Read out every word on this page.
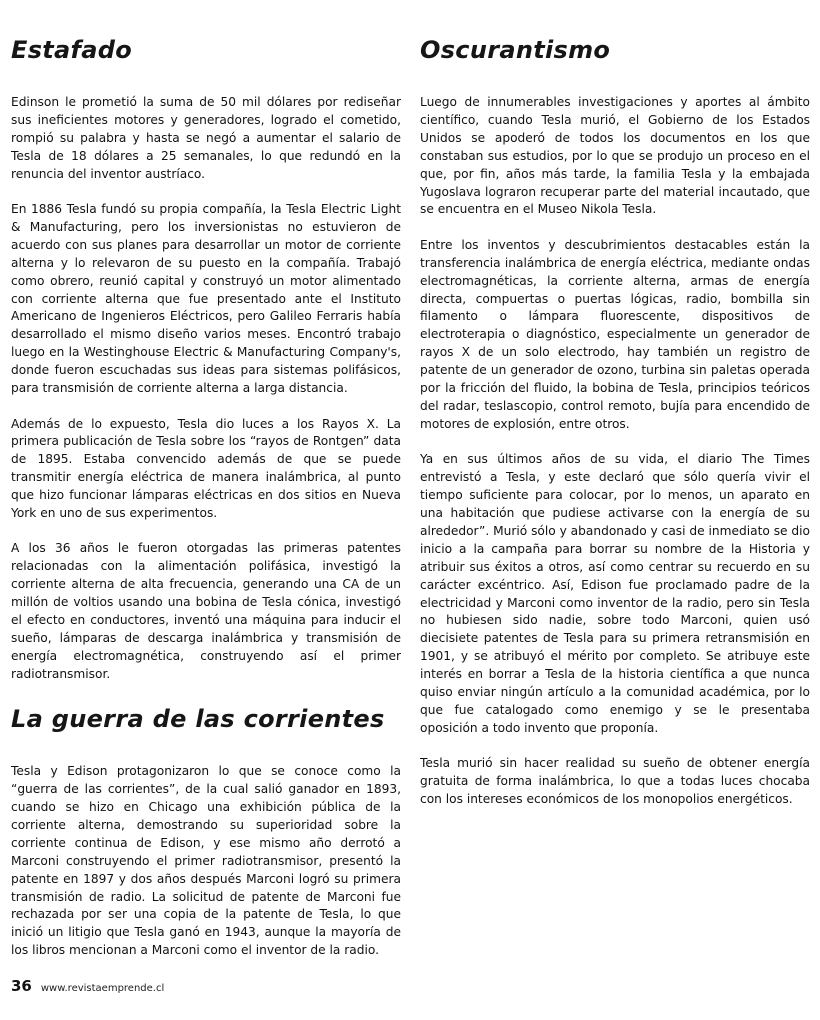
Estafado

Edinson le prometió la suma de 50 mil dólares por rediseñar sus ineficientes motores y generadores, logrado el cometido, rompió su palabra y hasta se negó a aumentar el salario de Tesla de 18 dólares a 25 semanales, lo que redundó en la renuncia del inventor austríaco.

En 1886 Tesla fundó su propia compañía, la Tesla Electric Light & Manufacturing, pero los inversionistas no estuvieron de acuerdo con sus planes para desarrollar un motor de corriente alterna y lo relevaron de su puesto en la compañía. Trabajó como obrero, reunió capital y construyó un motor alimentado con corriente alterna que fue presentado ante el Instituto Americano de Ingenieros Eléctricos, pero Galileo Ferraris había desarrollado el mismo diseño varios meses. Encontró trabajo luego en la Westinghouse Electric & Manufacturing Company's, donde fueron escuchadas sus ideas para sistemas polifásicos, para transmisión de corriente alterna a larga distancia.

Además de lo expuesto, Tesla dio luces a los Rayos X. La primera publicación de Tesla sobre los “rayos de Rontgen” data de 1895. Estaba convencido además de que se puede transmitir energía eléctrica de manera inalámbrica, al punto que hizo funcionar lámparas eléctricas en dos sitios en Nueva York en uno de sus experimentos.

A los 36 años le fueron otorgadas las primeras patentes relacionadas con la alimentación polifásica, investigó la corriente alterna de alta frecuencia, generando una CA de un millón de voltios usando una bobina de Tesla cónica, investigó el efecto en conductores, inventó una máquina para inducir el sueño, lámparas de descarga inalámbrica y transmisión de energía electromagnética, construyendo así el primer radiotransmisor.

La guerra de las corrientes

Tesla y Edison protagonizaron lo que se conoce como la “guerra de las corrientes”, de la cual salió ganador en 1893, cuando se hizo en Chicago una exhibición pública de la corriente alterna, demostrando su superioridad sobre la corriente continua de Edison, y ese mismo año derrotó a Marconi construyendo el primer radiotransmisor, presentó la patente en 1897 y dos años después Marconi logró su primera transmisión de radio. La solicitud de patente de Marconi fue rechazada por ser una copia de la patente de Tesla, lo que inició un litigio que Tesla ganó en 1943, aunque la mayoría de los libros mencionan a Marconi como el inventor de la radio.

Oscurantismo

Luego de innumerables investigaciones y aportes al ámbito científico, cuando Tesla murió, el Gobierno de los Estados Unidos se apoderó de todos los documentos en los que constaban sus estudios, por lo que se produjo un proceso en el que, por fin, años más tarde, la familia Tesla y la embajada Yugoslava lograron recuperar parte del material incautado, que se encuentra en el Museo Nikola Tesla.

Entre los inventos y descubrimientos destacables están la transferencia inalámbrica de energía eléctrica, mediante ondas electromagnéticas, la corriente alterna, armas de energía directa, compuertas o puertas lógicas, radio, bombilla sin filamento o lámpara fluorescente, dispositivos de electroterapia o diagnóstico, especialmente un generador de rayos X de un solo electrodo, hay también un registro de patente de un generador de ozono, turbina sin paletas operada por la fricción del fluido, la bobina de Tesla, principios teóricos del radar, teslascopio, control remoto, bujía para encendido de motores de explosión, entre otros.

Ya en sus últimos años de su vida, el diario The Times entrevistó a Tesla, y este declaró que sólo quería vivir el tiempo suficiente para colocar, por lo menos, un aparato en una habitación que pudiese activarse con la energía de su alrededor”. Murió sólo y abandonado y casi de inmediato se dio inicio a la campaña para borrar su nombre de la Historia y atribuir sus éxitos a otros, así como centrar su recuerdo en su carácter excéntrico. Así, Edison fue proclamado padre de la electricidad y Marconi como inventor de la radio, pero sin Tesla no hubiesen sido nadie, sobre todo Marconi, quien usó diecisiete patentes de Tesla para su primera retransmisión en 1901, y se atribuyó el mérito por completo. Se atribuye este interés en borrar a Tesla de la historia científica a que nunca quiso enviar ningún artículo a la comunidad académica, por lo que fue catalogado como enemigo y se le presentaba oposición a todo invento que proponía.

Tesla murió sin hacer realidad su sueño de obtener energía gratuita de forma inalámbrica, lo que a todas luces chocaba con los intereses económicos de los monopolios energéticos.

36 www.revistaemprende.cl
